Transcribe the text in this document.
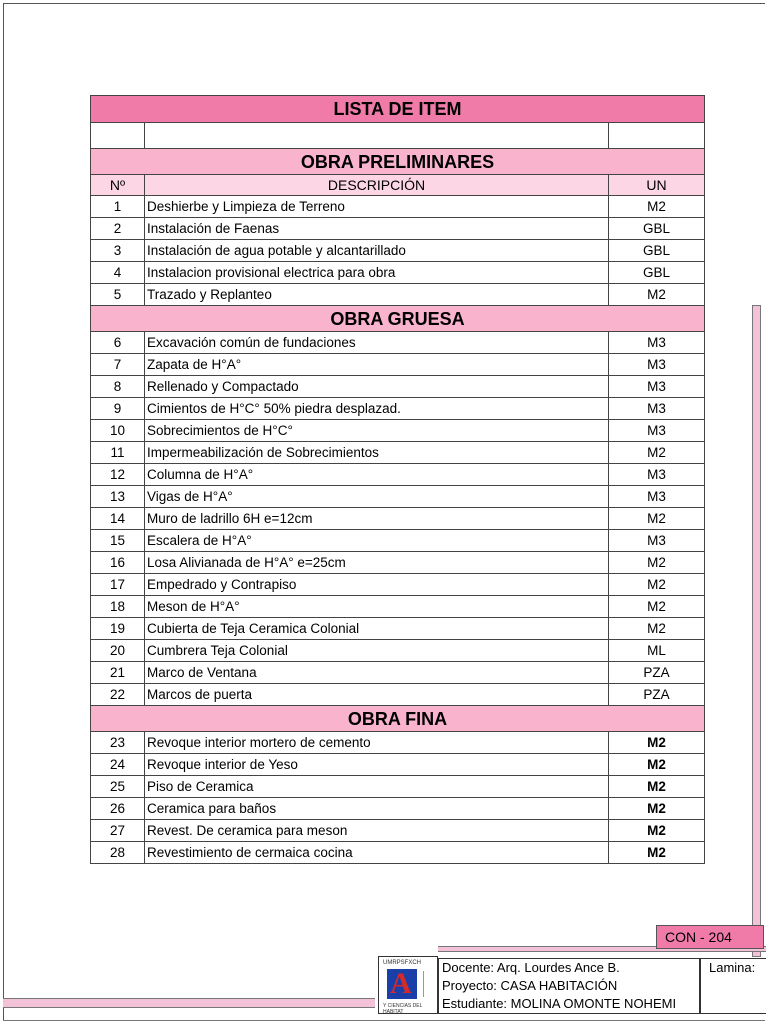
LISTA DE ITEM		

OBRA PRELIMINARES		
Nº	DESCRIPCIÓN	UN
1	Deshierbe y Limpieza de Terreno	M2
2	Instalación de Faenas	GBL
3	Instalación de agua potable y alcantarillado	GBL
4	Instalacion provisional electrica para obra	GBL
5	Trazado y Replanteo	M2
OBRA GRUESA		
6	Excavación común de fundaciones	M3
7	Zapata de H°A°	M3
8	Rellenado y Compactado	M3
9	Cimientos de H°C° 50% piedra desplazad.	M3
10	Sobrecimientos de H°C°	M3
11	Impermeabilización de Sobrecimientos	M2
12	Columna de H°A°	M3
13	Vigas de H°A°	M3
14	Muro de ladrillo 6H e=12cm	M2
15	Escalera de H°A°	M3
16	Losa Alivianada de H°A° e=25cm	M2
17	Empedrado y Contrapiso	M2
18	Meson de H°A°	M2
19	Cubierta de Teja Ceramica Colonial	M2
20	Cumbrera Teja Colonial	ML
21	Marco de Ventana	PZA
22	Marcos de puerta	PZA
OBRA FINA		
23	Revoque interior mortero de cemento	M2
24	Revoque interior de Yeso	M2
25	Piso de Ceramica	M2
26	Ceramica para baños	M2
27	Revest. De ceramica para meson	M2
28	Revestimiento de cermaica cocina	M2
CON - 204
UMRPSFXCH
A
Y CIENCIAS DEL HABITAT
Docente: Arq. Lourdes Ance B.
Proyecto: CASA HABITACIÓN
Estudiante: MOLINA OMONTE NOHEMI
Lamina:
